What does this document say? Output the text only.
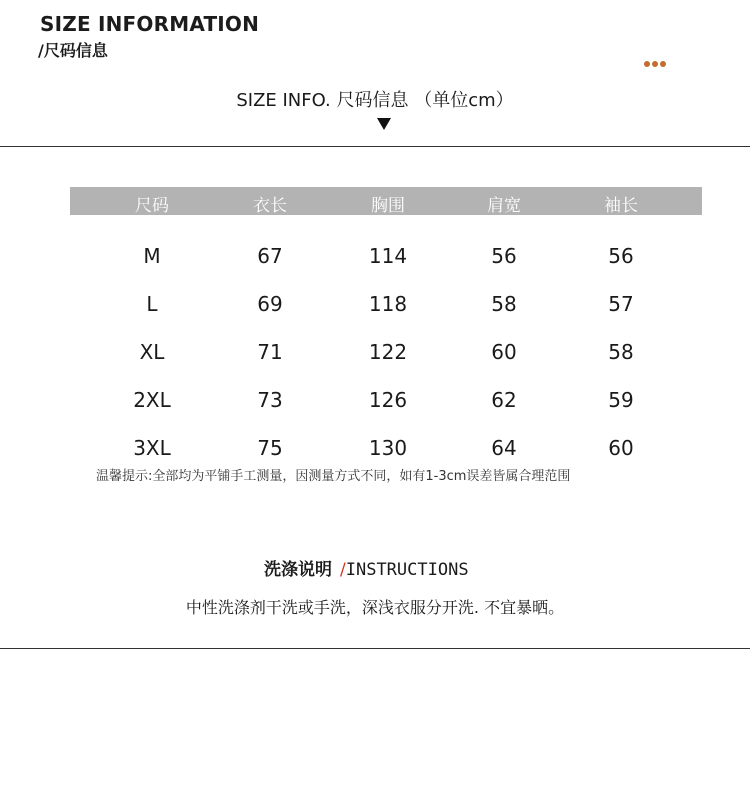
SIZE INFORMATION
/尺码信息
SIZE INFO. 尺码信息 （单位cm）
尺码	衣长	胸围	肩宽	袖长
M	67	114	56	56
L	69	118	58	57
XL	71	122	60	58
2XL	73	126	62	59
3XL	75	130	64	60
温馨提示:全部均为平铺手工测量，因测量方式不同，如有1-3cm误差皆属合理范围
洗涤说明 /INSTRUCTIONS
中性洗涤剂干洗或手洗，深浅衣服分开洗. 不宜暴晒。
